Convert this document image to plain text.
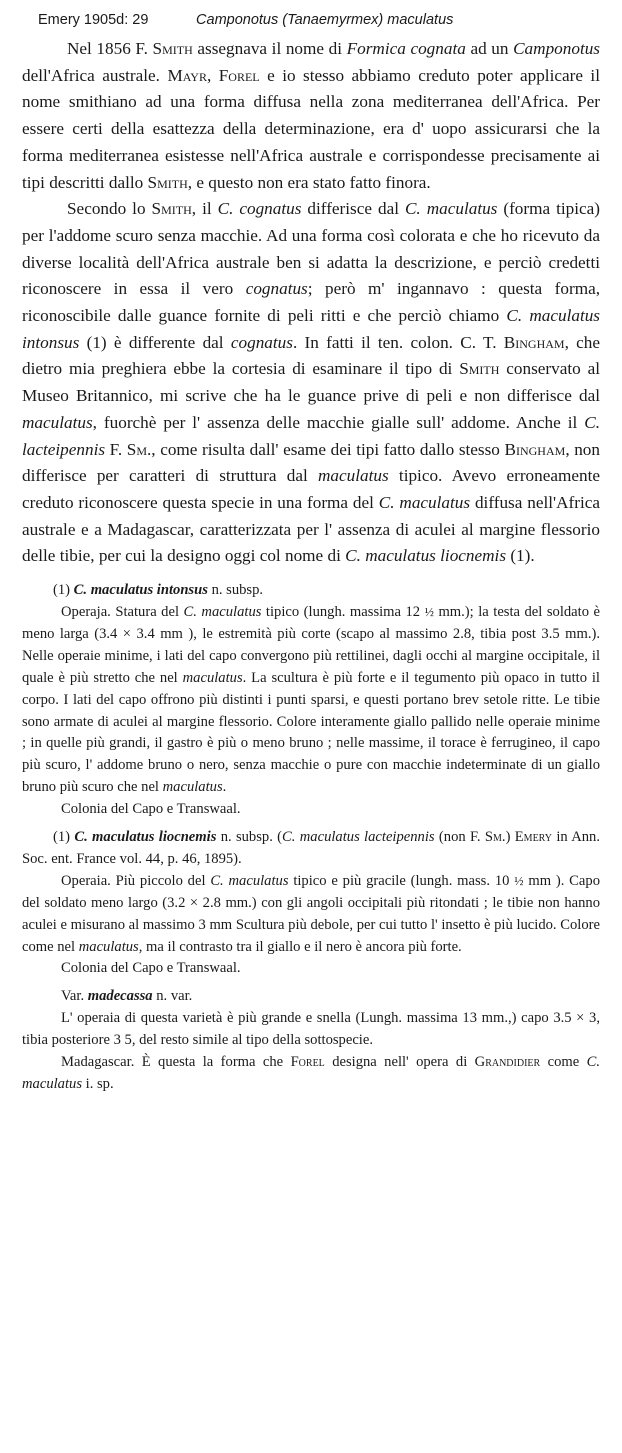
Emery 1905d: 29	Camponotus (Tanaemyrmex) maculatus

Nel 1856 F. Smith assegnava il nome di Formica cognata ad un Camponotus dell'Africa australe. Mayr, Forel e io stesso abbiamo creduto poter applicare il nome smithiano ad una forma diffusa nella zona mediterranea dell'Africa. Per essere certi della esattezza della determinazione, era d' uopo assicurarsi che la forma mediterranea esistesse nell'Africa australe e corrispondesse precisamente ai tipi descritti dallo Smith, e questo non era stato fatto finora.

Secondo lo Smith, il C. cognatus differisce dal C. maculatus (forma tipica) per l'addome scuro senza macchie. Ad una forma così colorata e che ho ricevuto da diverse località dell'Africa australe ben si adatta la descrizione, e perciò credetti riconoscere in essa il vero cognatus; però m' ingannavo : questa forma, riconoscibile dalle guance fornite di peli ritti e che perciò chiamo C. maculatus intonsus (1) è differente dal cognatus. In fatti il ten. colon. C. T. Bingham, che dietro mia preghiera ebbe la cortesia di esaminare il tipo di Smith conservato al Museo Britannico, mi scrive che ha le guance prive di peli e non differisce dal maculatus, fuorchè per l' assenza delle macchie gialle sull' addome. Anche il C. lacteipennis F. Sm., come risulta dall' esame dei tipi fatto dallo stesso Bingham, non differisce per caratteri di struttura dal maculatus tipico. Avevo erroneamente creduto riconoscere questa specie in una forma del C. maculatus diffusa nell'Africa australe e a Madagascar, caratterizzata per l' assenza di aculei al margine flessorio delle tibie, per cui la designo oggi col nome di C. maculatus liocnemis (1).

(1) C. maculatus intonsus n. subsp.

Operaja. Statura del C. maculatus tipico (lungh. massima 12 ½ mm.); la testa del soldato è meno larga (3.4 × 3.4 mm ), le estremità più corte (scapo al massimo 2.8, tibia post 3.5 mm.). Nelle operaie minime, i lati del capo convergono più rettilinei, dagli occhi al margine occipitale, il quale è più stretto che nel maculatus. La scultura è più forte e il tegumento più opaco in tutto il corpo. I lati del capo offrono più distinti i punti sparsi, e questi portano brev setole ritte. Le tibie sono armate di aculei al margine flessorio. Colore interamente giallo pallido nelle operaie minime ; in quelle più grandi, il gastro è più o meno bruno ; nelle massime, il torace è ferrugineo, il capo più scuro, l' addome bruno o nero, senza macchie o pure con macchie indeterminate di un giallo bruno più scuro che nel maculatus.

Colonia del Capo e Transwaal.

(1) C. maculatus liocnemis n. subsp. (C. maculatus lacteipennis (non F. Sm.) Emery in Ann. Soc. ent. France vol. 44, p. 46, 1895).

Operaia. Più piccolo del C. maculatus tipico e più gracile (lungh. mass. 10 ½ mm ). Capo del soldato meno largo (3.2 × 2.8 mm.) con gli angoli occipitali più ritondati ; le tibie non hanno aculei e misurano al massimo 3 mm Scultura più debole, per cui tutto l' insetto è più lucido. Colore come nel maculatus, ma il contrasto tra il giallo e il nero è ancora più forte.

Colonia del Capo e Transwaal.

Var. madecassa n. var.

L' operaia di questa varietà è più grande e snella (Lungh. massima 13 mm.,) capo 3.5 × 3, tibia posteriore 3 5, del resto simile al tipo della sottospecie.

Madagascar. È questa la forma che Forel designa nell' opera di Grandidier come C. maculatus i. sp.
